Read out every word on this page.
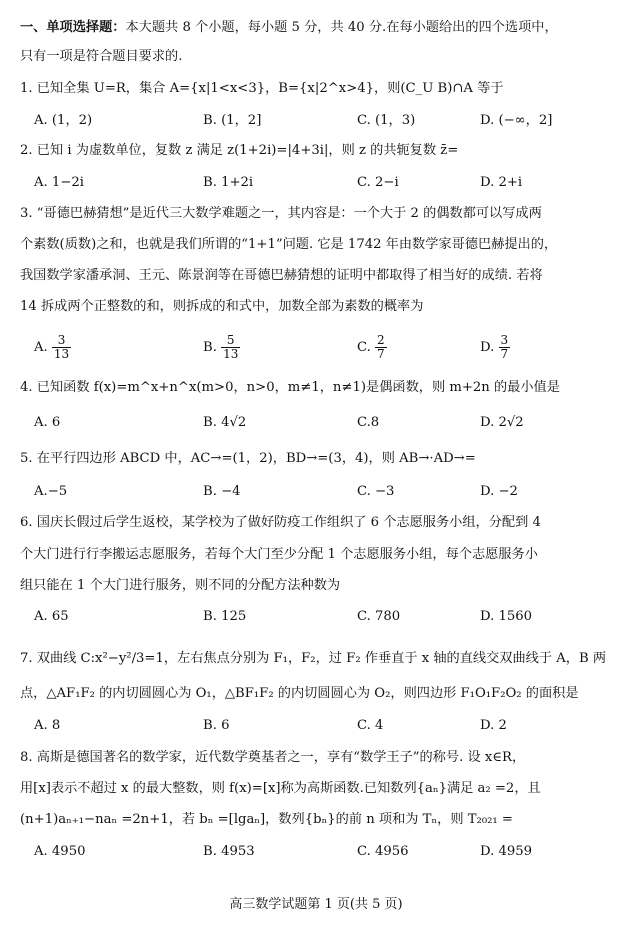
一、单项选择题：本大题共 8 个小题，每小题 5 分，共 40 分.在每小题给出的四个选项中，
只有一项是符合题目要求的.
1. 已知全集 U=R，集合 A={x|1<x<3}，B={x|2^x>4}，则(C_U B)∩A 等于
A. (1，2)	B. (1，2]	C. (1，3)	D. (−∞，2]
2. 已知 i 为虚数单位，复数 z 满足 z(1+2i)=|4+3i|，则 z 的共轭复数 z̄=
A. 1−2i	B. 1+2i	C. 2−i	D. 2+i
3. “哥德巴赫猜想”是近代三大数学难题之一，其内容是：一个大于 2 的偶数都可以写成两
个素数(质数)之和，也就是我们所谓的“1+1”问题. 它是 1742 年由数学家哥德巴赫提出的，
我国数学家潘承洞、王元、陈景润等在哥德巴赫猜想的证明中都取得了相当好的成绩. 若将
14 拆成两个正整数的和，则拆成的和式中，加数全部为素数的概率为
A. $\frac{3}{13}$	B. $\frac{5}{13}$	C. $\frac{2}{7}$	D. $\frac{3}{7}$
4. 已知函数 f(x)=m^x+n^x(m>0，n>0，m≠1，n≠1)是偶函数，则 m+2n 的最小值是
A. 6	B. 4√2	C.8	D. 2√2
5. 在平行四边形 ABCD 中，AC→=(1，2)，BD→=(3，4)，则 AB→·AD→=
A.−5	B. −4	C. −3	D. −2
6. 国庆长假过后学生返校，某学校为了做好防疫工作组织了 6 个志愿服务小组，分配到 4
个大门进行行李搬运志愿服务，若每个大门至少分配 1 个志愿服务小组，每个志愿服务小
组只能在 1 个大门进行服务，则不同的分配方法种数为
A. 65	B. 125	C. 780	D. 1560
7. 双曲线 C:x²−y²/3=1，左右焦点分别为 F₁，F₂，过 F₂ 作垂直于 x 轴的直线交双曲线于 A，B 两
点，△AF₁F₂ 的内切圆圆心为 O₁，△BF₁F₂ 的内切圆圆心为 O₂，则四边形 F₁O₁F₂O₂ 的面积是
A. 8	B. 6	C. 4	D. 2
8. 高斯是德国著名的数学家，近代数学奠基者之一，享有“数学王子”的称号. 设 x∈R，
用[x]表示不超过 x 的最大整数，则 f(x)=[x]称为高斯函数.已知数列{aₙ}满足 a₂ =2，且
(n+1)aₙ₊₁−naₙ =2n+1，若 bₙ =[lgaₙ]，数列{bₙ}的前 n 项和为 Tₙ，则 T₂₀₂₁ =
A. 4950	B. 4953	C. 4956	D. 4959
高三数学试题第 1 页(共 5 页)
